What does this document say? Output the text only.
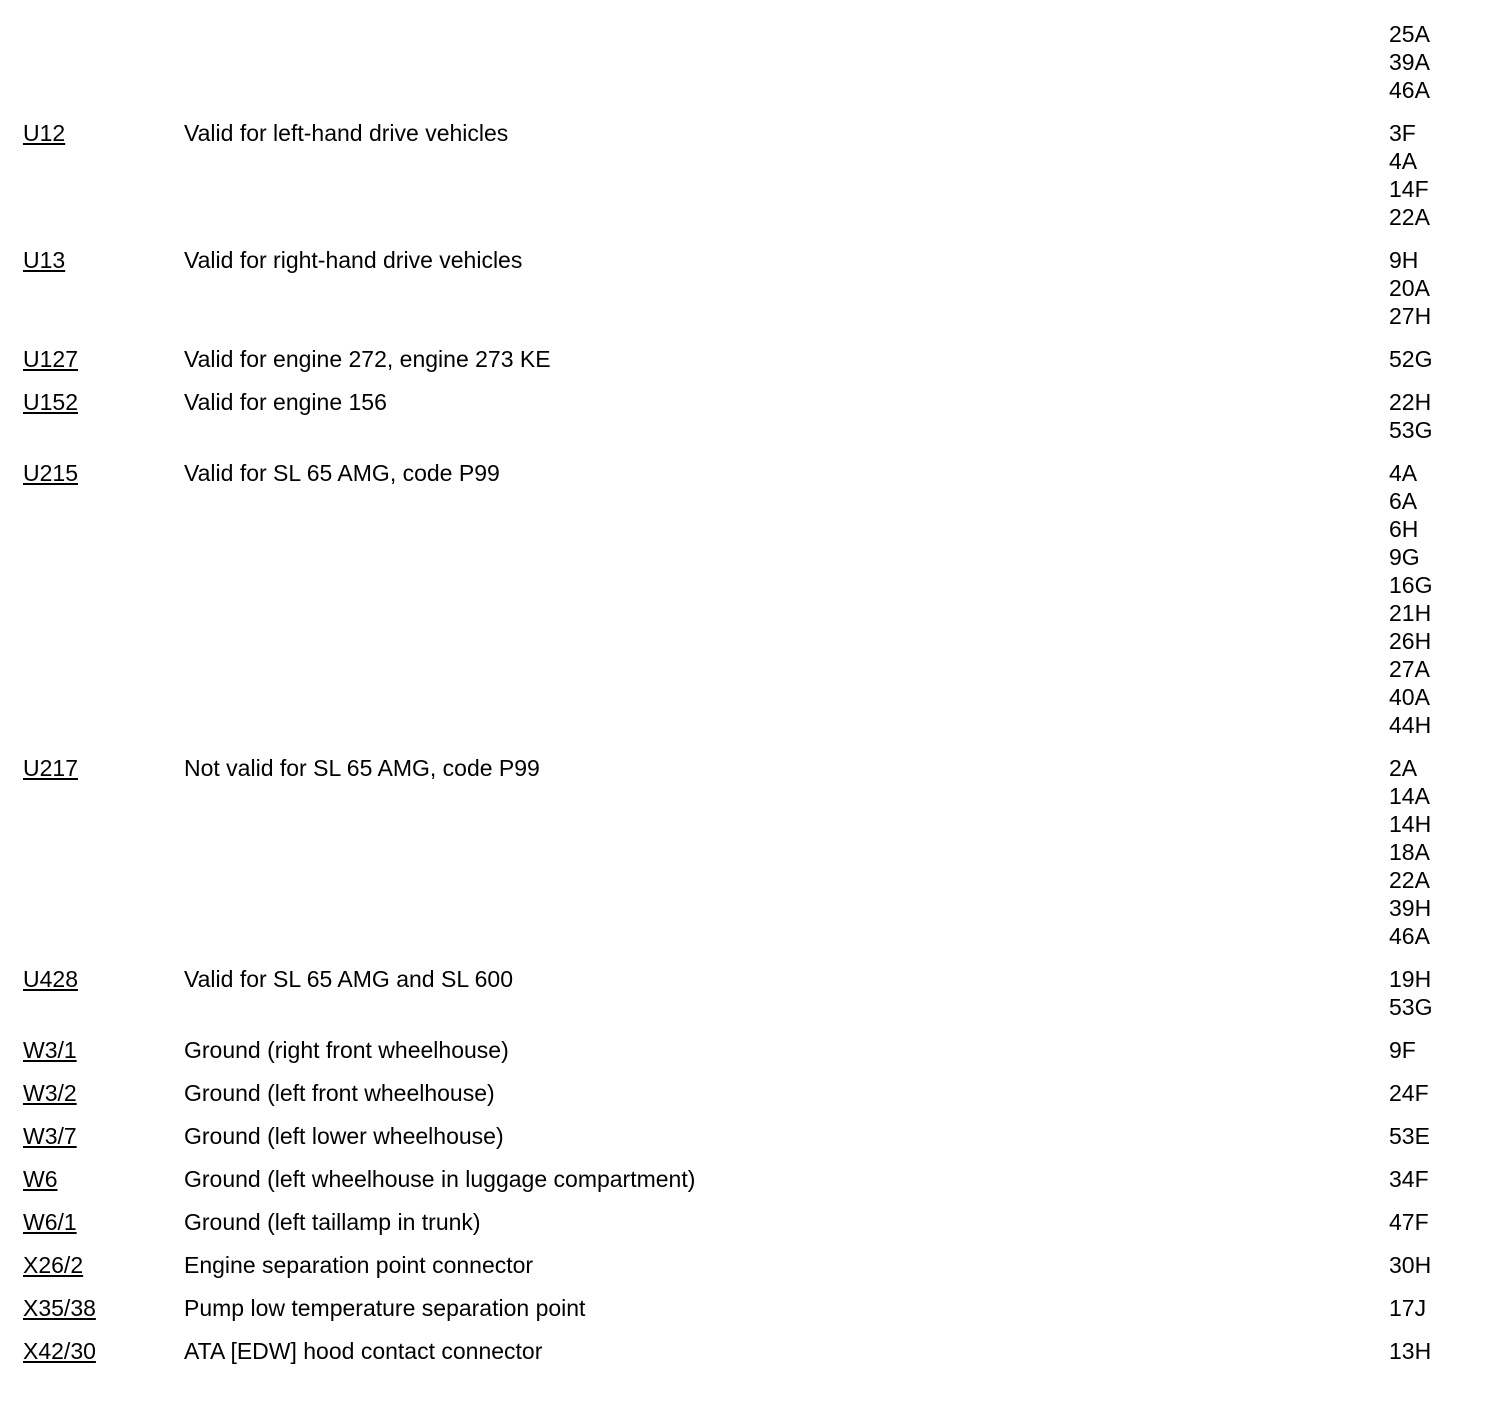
25A
39A
46A
U12	Valid for left-hand drive vehicles	3F
4A
14F
22A
U13	Valid for right-hand drive vehicles	9H
20A
27H
U127	Valid for engine 272, engine 273 KE	52G
U152	Valid for engine 156	22H
53G
U215	Valid for SL 65 AMG, code P99	4A
6A
6H
9G
16G
21H
26H
27A
40A
44H
U217	Not valid for SL 65 AMG, code P99	2A
14A
14H
18A
22A
39H
46A
U428	Valid for SL 65 AMG and SL 600	19H
53G
W3/1	Ground (right front wheelhouse)	9F
W3/2	Ground (left front wheelhouse)	24F
W3/7	Ground (left lower wheelhouse)	53E
W6	Ground (left wheelhouse in luggage compartment)	34F
W6/1	Ground (left taillamp in trunk)	47F
X26/2	Engine separation point connector	30H
X35/38	Pump low temperature separation point	17J
X42/30	ATA [EDW] hood contact connector	13H
